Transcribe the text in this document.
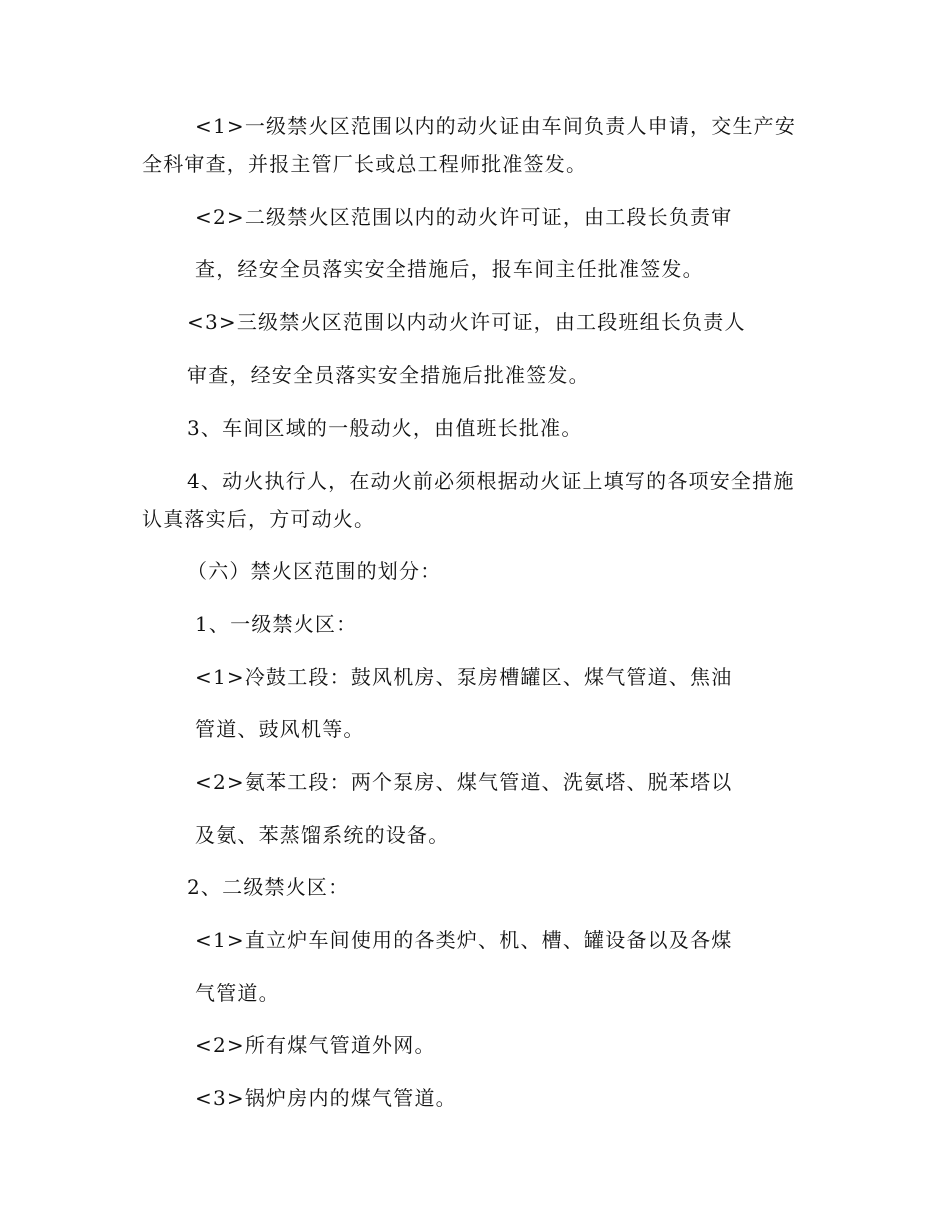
<1>一级禁火区范围以内的动火证由车间负责人申请，交生产安
全科审查，并报主管厂长或总工程师批准签发。
<2>二级禁火区范围以内的动火许可证，由工段长负责审
查，经安全员落实安全措施后，报车间主任批准签发。
<3>三级禁火区范围以内动火许可证，由工段班组长负责人
审查，经安全员落实安全措施后批准签发。
3、车间区域的一般动火，由值班长批准。
4、动火执行人，在动火前必须根据动火证上填写的各项安全措施
认真落实后，方可动火。
（六）禁火区范围的划分：
1、一级禁火区：
<1>冷鼓工段：鼓风机房、泵房槽罐区、煤气管道、焦油
管道、豉风机等。
<2>氨苯工段：两个泵房、煤气管道、洗氨塔、脱苯塔以
及氨、苯蒸馏系统的设备。
2、二级禁火区：
<1>直立炉车间使用的各类炉、机、槽、罐设备以及各煤
气管道。
<2>所有煤气管道外网。
<3>锅炉房内的煤气管道。
